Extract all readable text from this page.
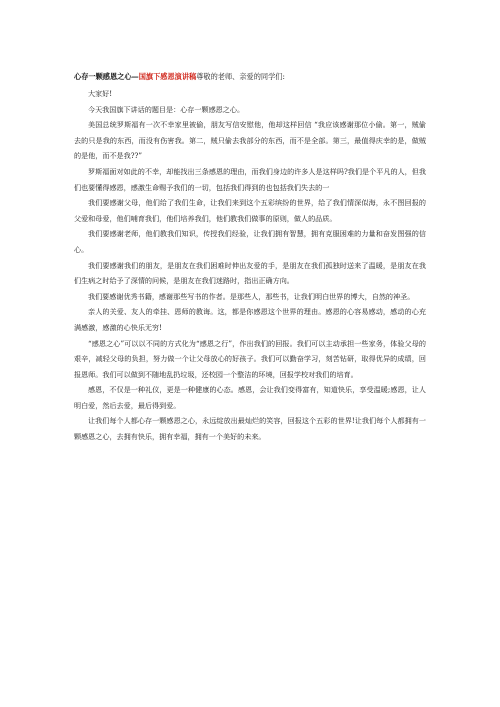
心存一颗感恩之心—国旗下感恩演讲稿尊敬的老师、亲爱的同学们:

大家好!

今天我国旗下讲话的题目是：心存一颗感恩之心。

美国总统罗斯福有一次不幸家里被偷，朋友写信安慰他，他却这样回信 “我应该感谢那位小偷。第一，贼偷去的只是我的东西，而没有伤害我。第二，贼只偷去我部分的东西，而不是全部。第三，最值得庆幸的是，做贼的是他，而不是我??”

罗斯福面对如此的不幸，却能找出三条感恩的理由，而我们身边的许多人是这样吗?我们是个平凡的人，但我们也要懂得感恩，感激生命赐予我们的一切，包括我们得到的也包括我们失去的一

我们要感谢父母，他们给了我们生命，让我们来到这个五彩缤纷的世界，给了我们情深似海，永不图回报的父爱和母爱，他们哺育我们，他们培养我们，他们教我们做事的原则，做人的品质。

我们要感谢老师，他们教我们知识，传授我们经验，让我们拥有智慧，拥有克服困难的力量和奋发图强的信心。

我们要感谢我们的朋友，是朋友在我们困难时伸出友爱的手，是朋友在我们孤独时送来了温暖，是朋友在我们生病之时给予了深情的问候，是朋友在我们迷路时，指出正确方向。

我们要感谢优秀书籍，感谢那些写书的作者。是那些人，那些书，让我们明白世界的博大，自然的神圣。

亲人的关爱、友人的牵挂、恩师的教诲。这，都是你感恩这个世界的理由。感恩的心容易感动，感动的心充满感激，感激的心快乐无穷!

“感恩之心”可以以不同的方式化为“感恩之行”，作出我们的回报。我们可以主动承担一些家务，体验父母的艰辛，减轻父母的负担，努力做一个让父母放心的好孩子。我们可以勤奋学习，刻苦钻研，取得优异的成绩，回报恩师。我们可以做到不随地乱扔垃圾，还校园一个整洁的环境，回报学校对我们的培育。

感恩，不仅是一种礼仪，更是一种健康的心态。感恩，会让我们变得富有，知道快乐，享受温暖;感恩，让人明白爱，然后去爱，最后得到爱。

让我们每个人都心存一颗感恩之心，永远绽放出最灿烂的笑容，回报这个五彩的世界!让我们每个人都拥有一颗感恩之心，去拥有快乐，拥有幸福，拥有一个美好的未来。
